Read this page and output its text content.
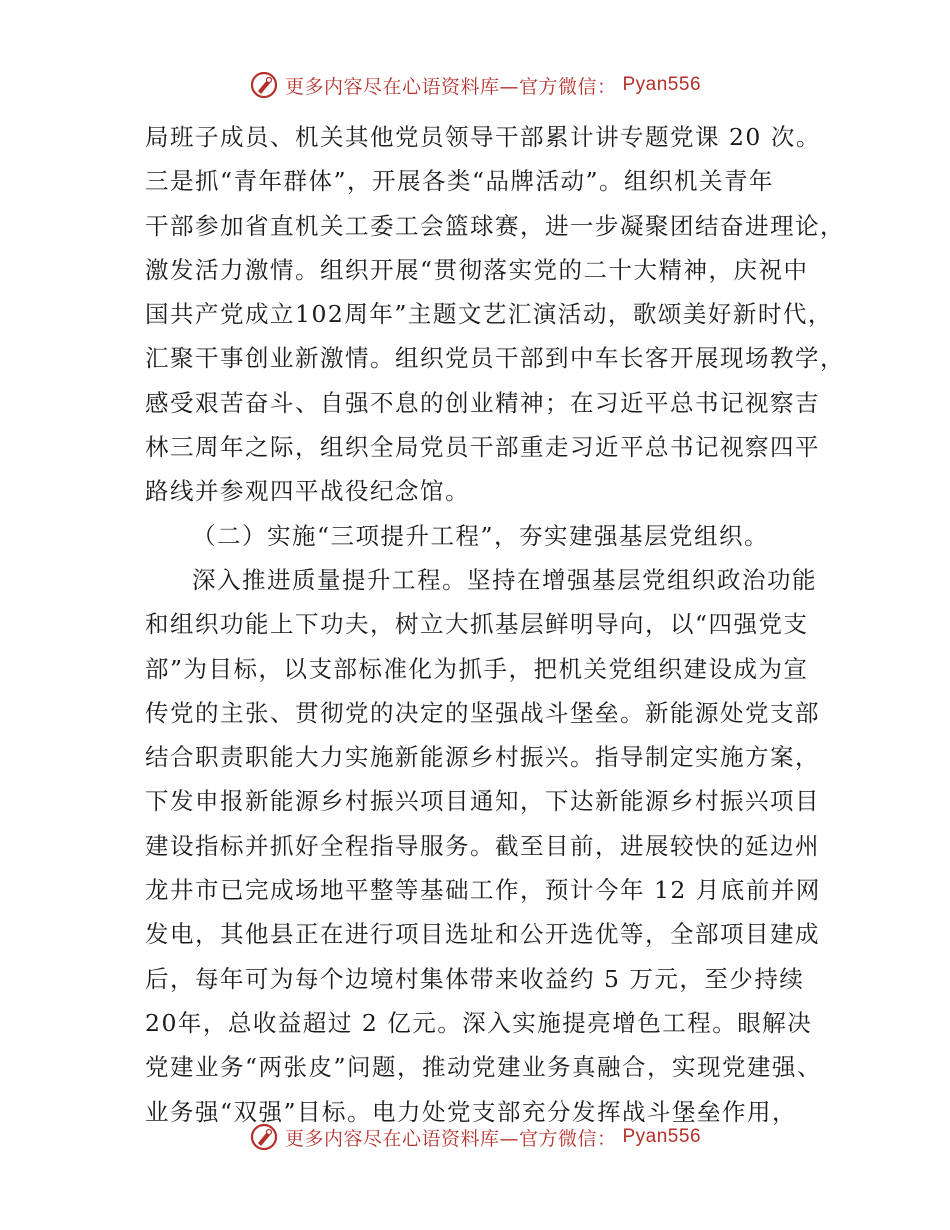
更多内容尽在心语资料库—官方微信： Pyan556
局班子成员、机关其他党员领导干部累计讲专题党课 20 次。
三是抓“青年群体”，开展各类“品牌活动”。组织机关青年
干部参加省直机关工委工会篮球赛，进一步凝聚团结奋进理论，
激发活力激情。组织开展“贯彻落实党的二十大精神，庆祝中
国共产党成立102周年”主题文艺汇演活动，歌颂美好新时代，
汇聚干事创业新激情。组织党员干部到中车长客开展现场教学，
感受艰苦奋斗、自强不息的创业精神；在习近平总书记视察吉
林三周年之际，组织全局党员干部重走习近平总书记视察四平
路线并参观四平战役纪念馆。
（二）实施“三项提升工程”，夯实建强基层党组织。
深入推进质量提升工程。坚持在增强基层党组织政治功能
和组织功能上下功夫，树立大抓基层鲜明导向，以“四强党支
部”为目标，以支部标准化为抓手，把机关党组织建设成为宣
传党的主张、贯彻党的决定的坚强战斗堡垒。新能源处党支部
结合职责职能大力实施新能源乡村振兴。指导制定实施方案，
下发申报新能源乡村振兴项目通知，下达新能源乡村振兴项目
建设指标并抓好全程指导服务。截至目前，进展较快的延边州
龙井市已完成场地平整等基础工作，预计今年 12 月底前并网
发电，其他县正在进行项目选址和公开选优等，全部项目建成
后，每年可为每个边境村集体带来收益约 5 万元，至少持续
20年，总收益超过 2 亿元。深入实施提亮增色工程。眼解决
党建业务“两张皮”问题，推动党建业务真融合，实现党建强、
业务强“双强”目标。电力处党支部充分发挥战斗堡垒作用，
更多内容尽在心语资料库—官方微信： Pyan556
